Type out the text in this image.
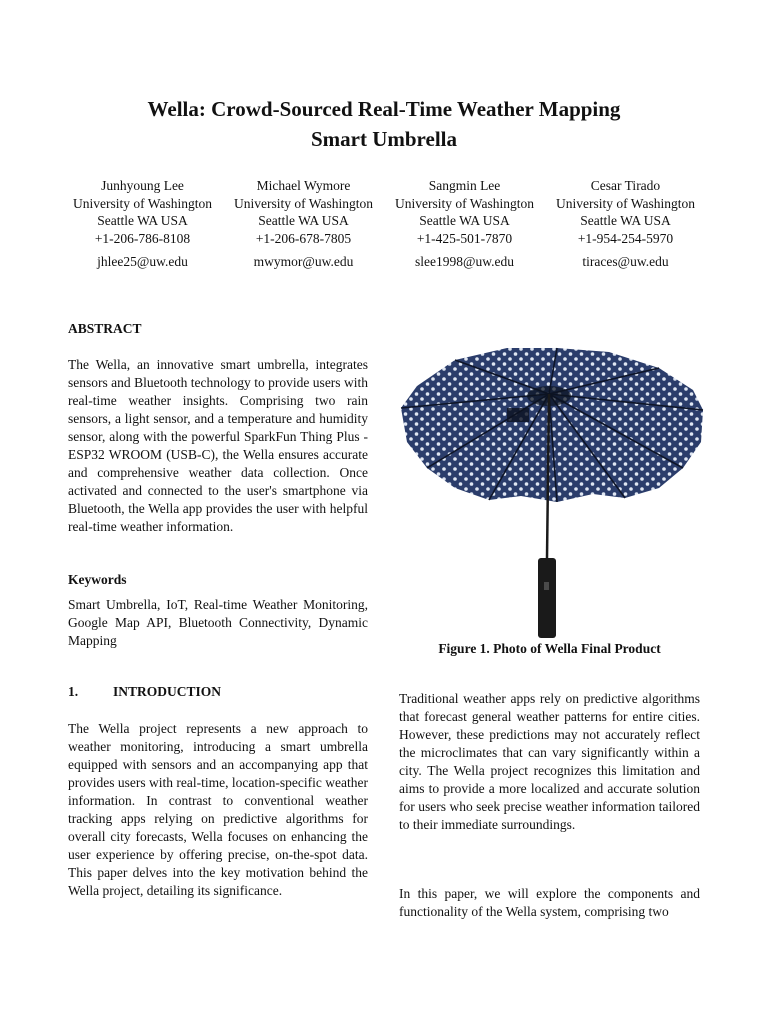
Wella: Crowd-Sourced Real-Time Weather Mapping
Smart Umbrella
Junhyoung Lee
University of Washington
Seattle WA USA
+1-206-786-8108
jhlee25@uw.edu
Michael Wymore
University of Washington
Seattle WA USA
+1-206-678-7805
mwymor@uw.edu
Sangmin Lee
University of Washington
Seattle WA USA
+1-425-501-7870
slee1998@uw.edu
Cesar Tirado
University of Washington
Seattle WA USA
+1-954-254-5970
tiraces@uw.edu
ABSTRACT
The Wella, an innovative smart umbrella, integrates sensors and Bluetooth technology to provide users with real-time weather insights. Comprising two rain sensors, a light sensor, and a temperature and humidity sensor, along with the powerful SparkFun Thing Plus - ESP32 WROOM (USB-C), the Wella ensures accurate and comprehensive weather data collection. Once activated and connected to the user's smartphone via Bluetooth, the Wella app provides the user with helpful real-time weather information.
Keywords
Smart Umbrella, IoT, Real-time Weather Monitoring, Google Map API, Bluetooth Connectivity, Dynamic Mapping
1.	INTRODUCTION
The Wella project represents a new approach to weather monitoring, introducing a smart umbrella equipped with sensors and an accompanying app that provides users with real-time, location-specific weather information. In contrast to conventional weather tracking apps relying on predictive algorithms for overall city forecasts, Wella focuses on enhancing the user experience by offering precise, on-the-spot data. This paper delves into the key motivation behind the Wella project, detailing its significance.
Figure 1. Photo of Wella Final Product
Traditional weather apps rely on predictive algorithms that forecast general weather patterns for entire cities. However, these predictions may not accurately reflect the microclimates that can vary significantly within a city. The Wella project recognizes this limitation and aims to provide a more localized and accurate solution for users who seek precise weather information tailored to their immediate surroundings.
In this paper, we will explore the components and functionality of the Wella system, comprising two
